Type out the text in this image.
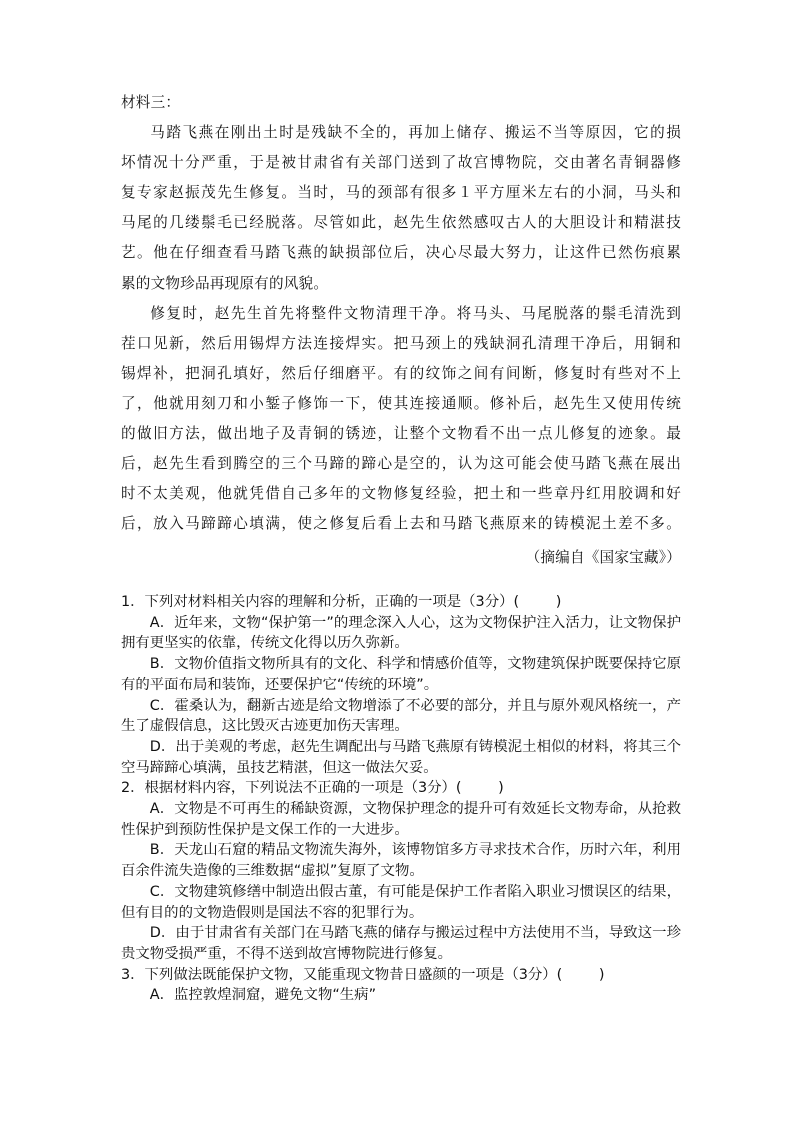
材料三：

马踏飞燕在刚出土时是残缺不全的，再加上储存、搬运不当等原因，它的损

坏情况十分严重，于是被甘肃省有关部门送到了故宫博物院，交由著名青铜器修

复专家赵振茂先生修复。当时，马的颈部有很多１平方厘米左右的小洞，马头和

马尾的几缕鬃毛已经脱落。尽管如此，赵先生依然感叹古人的大胆设计和精湛技

艺。他在仔细查看马踏飞燕的缺损部位后，决心尽最大努力，让这件已然伤痕累

累的文物珍品再现原有的风貌。

修复时，赵先生首先将整件文物清理干净。将马头、马尾脱落的鬃毛清洗到

茬口见新，然后用锡焊方法连接焊实。把马颈上的残缺洞孔清理干净后，用铜和

锡焊补，把洞孔填好，然后仔细磨平。有的纹饰之间有间断，修复时有些对不上

了，他就用刻刀和小錾子修饰一下，使其连接通顺。修补后，赵先生又使用传统

的做旧方法，做出地子及青铜的锈迹，让整个文物看不出一点儿修复的迹象。最

后，赵先生看到腾空的三个马蹄的蹄心是空的，认为这可能会使马踏飞燕在展出

时不太美观，他就凭借自己多年的文物修复经验，把土和一些章丹红用胶调和好

后，放入马蹄蹄心填满，使之修复后看上去和马踏飞燕原来的铸模泥土差不多。

（摘编自《国家宝藏》）

1．下列对材料相关内容的理解和分析，正确的一项是（3分）(	)

A．近年来，文物“保护第一”的理念深入人心，这为文物保护注入活力，让文物保护拥有更坚实的依靠，传统文化得以历久弥新。

B．文物价值指文物所具有的文化、科学和情感价值等，文物建筑保护既要保持它原有的平面布局和装饰，还要保护它“传统的环境”。

C．霍桑认为，翻新古迹是给文物增添了不必要的部分，并且与原外观风格统一，产生了虚假信息，这比毁灭古迹更加伤天害理。

D．出于美观的考虑，赵先生调配出与马踏飞燕原有铸模泥土相似的材料，将其三个空马蹄蹄心填满，虽技艺精湛，但这一做法欠妥。

2．根据材料内容，下列说法不正确的一项是（3分）(	)

A．文物是不可再生的稀缺资源，文物保护理念的提升可有效延长文物寿命，从抢救性保护到预防性保护是文保工作的一大进步。

B．天龙山石窟的精品文物流失海外，该博物馆多方寻求技术合作，历时六年，利用百余件流失造像的三维数据“虚拟”复原了文物。

C．文物建筑修缮中制造出假古董，有可能是保护工作者陷入职业习惯误区的结果，但有目的的文物造假则是国法不容的犯罪行为。

D．由于甘肃省有关部门在马踏飞燕的储存与搬运过程中方法使用不当，导致这一珍贵文物受损严重，不得不送到故宫博物院进行修复。

3．下列做法既能保护文物，又能重现文物昔日盛颜的一项是（3分）(	)

A．监控敦煌洞窟，避免文物“生病”
